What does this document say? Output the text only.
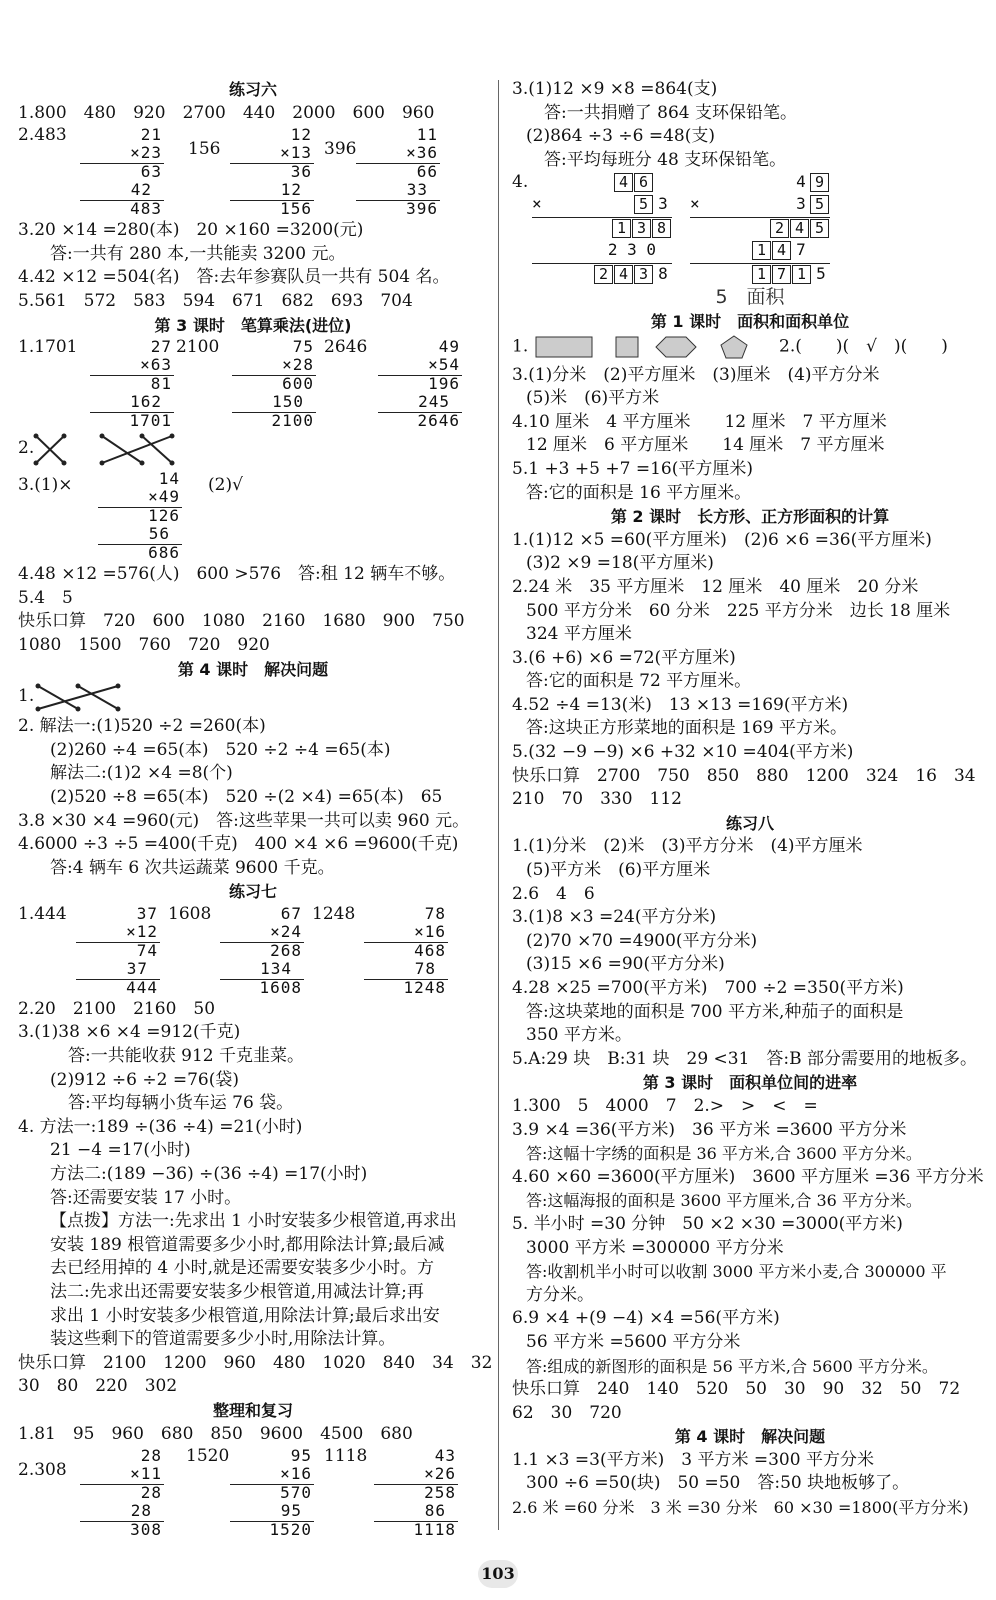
练习六
1.800　480　920　2700　440　2000　600　960
2.483	21
×23
63
42
483
156
12
×13
36
12
156
396
11
×36
66
33
396
3.20 ×14 =280(本)　20 ×160 =3200(元)
答:一共有 280 本,一共能卖 3200 元。
4.42 ×12 =504(名)　答:去年参赛队员一共有 504 名。
5.561　572　583　594　671　682　693　704
第 3 课时　笔算乘法(进位)
1.1701	27
×63
81
162
1701
2100	75
×28
600
150
2100
2646	49
×54
196
245
2646
2.
3.(1)×	14
×49
126
56
686
(2)√
4.48 ×12 =576(人)　600 >576　答:租 12 辆车不够。
5.4　5
快乐口算　720　600　1080　2160　1680　900　750
1080　1500　760　720　920
第 4 课时　解决问题
1.
2. 解法一:(1)520 ÷2 =260(本)
(2)260 ÷4 =65(本)　520 ÷2 ÷4 =65(本)
解法二:(1)2 ×4 =8(个)
(2)520 ÷8 =65(本)　520 ÷(2 ×4) =65(本)　65
3.8 ×30 ×4 =960(元)　答:这些苹果一共可以卖 960 元。
4.6000 ÷3 ÷5 =400(千克)　400 ×4 ×6 =9600(千克)
答:4 辆车 6 次共运蔬菜 9600 千克。
练习七
1.444	37
×12
74
37
444
1608	67
×24
268
134
1608
1248	78
×16
468
78
1248
2.20　2100　2160　50
3.(1)38 ×6 ×4 =912(千克)
答:一共能收获 912 千克韭菜。
(2)912 ÷6 ÷2 =76(袋)
答:平均每辆小货车运 76 袋。
4. 方法一:189 ÷(36 ÷4) =21(小时)
21 −4 =17(小时)
方法二:(189 −36) ÷(36 ÷4) =17(小时)
答:还需要安装 17 小时。
【点拨】方法一:先求出 1 小时安装多少根管道,再求出
安装 189 根管道需要多少小时,都用除法计算;最后减
去已经用掉的 4 小时,就是还需要安装多少小时。方
法二:先求出还需要安装多少根管道,用减法计算;再
求出 1 小时安装多少根管道,用除法计算;最后求出安
装这些剩下的管道需要多少小时,用除法计算。
快乐口算　2100　1200　960　480　1020　840　34　32
30　80　220　302
整理和复习
1.81　95　960　680　850　9600　4500　680
2.308
28
×11
28
28
308
1520	95
×16
570
95
1520
1118	43
×26
258
86
1118
3.(1)12 ×9 ×8 =864(支)
答:一共捐赠了 864 支环保铅笔。
(2)864 ÷3 ÷6 =48(支)
答:平均每班分 48 支环保铅笔。
4.	4 6
×	5 3
1 3 8
2 3 0
2 4 3 8
4 9
×	3 5
2 4 5
1 4 7
1 7 1 5
5　面积
第 1 课时　面积和面积单位
1.	2.(　　)(　√　)(　　)
3.(1)分米　(2)平方厘米　(3)厘米　(4)平方分米
(5)米　(6)平方米
4.10 厘米　4 平方厘米　　12 厘米　7 平方厘米
12 厘米　6 平方厘米　　14 厘米　7 平方厘米
5.1 +3 +5 +7 =16(平方厘米)
答:它的面积是 16 平方厘米。
第 2 课时　长方形、正方形面积的计算
1.(1)12 ×5 =60(平方厘米)　(2)6 ×6 =36(平方厘米)
(3)2 ×9 =18(平方厘米)
2.24 米　35 平方厘米　12 厘米　40 厘米　20 分米
500 平方分米　60 分米　225 平方分米　边长 18 厘米
324 平方厘米
3.(6 +6) ×6 =72(平方厘米)
答:它的面积是 72 平方厘米。
4.52 ÷4 =13(米)　13 ×13 =169(平方米)
答:这块正方形菜地的面积是 169 平方米。
5.(32 −9 −9) ×6 +32 ×10 =404(平方米)
快乐口算　2700　750　850　880　1200　324　16　34
210　70　330　112
练习八
1.(1)分米　(2)米　(3)平方分米　(4)平方厘米
(5)平方米　(6)平方厘米
2.6　4　6
3.(1)8 ×3 =24(平方分米)
(2)70 ×70 =4900(平方分米)
(3)15 ×6 =90(平方分米)
4.28 ×25 =700(平方米)　700 ÷2 =350(平方米)
答:这块菜地的面积是 700 平方米,种茄子的面积是
350 平方米。
5.A:29 块　B:31 块　29 <31　答:B 部分需要用的地板多。
第 3 课时　面积单位间的进率
1.300　5　4000　7　2.>　>　<　=
3.9 ×4 =36(平方米)　36 平方米 =3600 平方分米
答:这幅十字绣的面积是 36 平方米,合 3600 平方分米。
4.60 ×60 =3600(平方厘米)　3600 平方厘米 =36 平方分米
答:这幅海报的面积是 3600 平方厘米,合 36 平方分米。
5. 半小时 =30 分钟　50 ×2 ×30 =3000(平方米)
3000 平方米 =300000 平方分米
答:收割机半小时可以收割 3000 平方米小麦,合 300000 平
方分米。
6.9 ×4 +(9 −4) ×4 =56(平方米)
56 平方米 =5600 平方分米
答:组成的新图形的面积是 56 平方米,合 5600 平方分米。
快乐口算　240　140　520　50　30　90　32　50　72
62　30　720
第 4 课时　解决问题
1.1 ×3 =3(平方米)　3 平方米 =300 平方分米
300 ÷6 =50(块)　50 =50　答:50 块地板够了。
2.6 米 =60 分米　3 米 =30 分米　60 ×30 =1800(平方分米)
103
